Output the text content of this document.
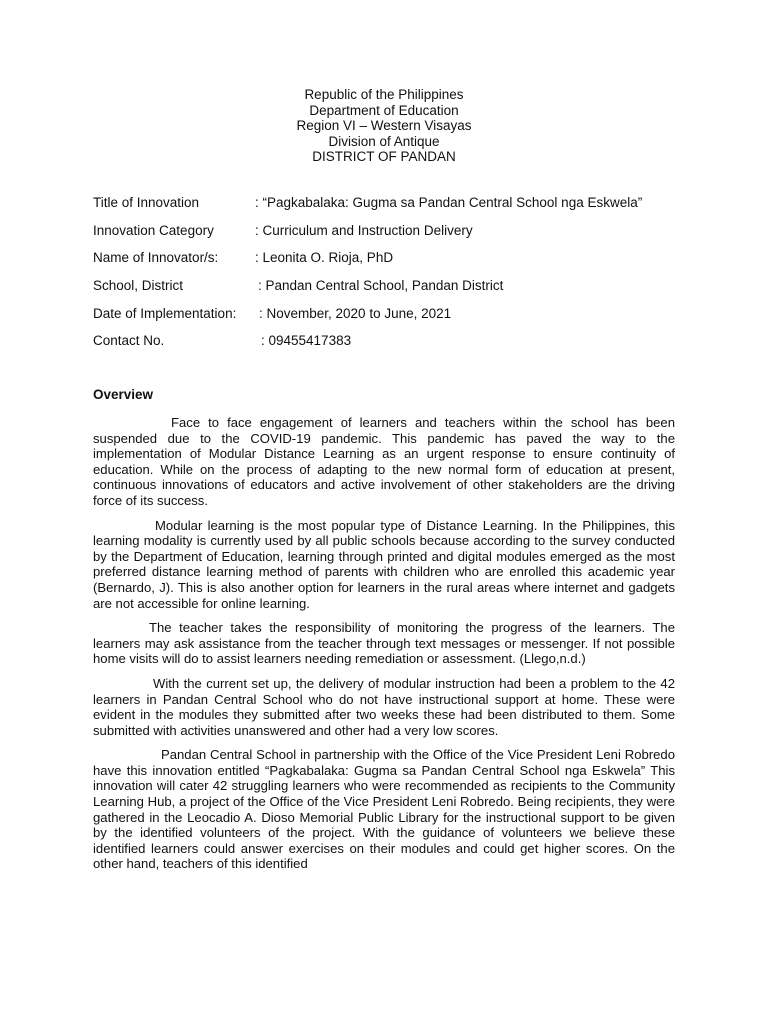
Republic of the Philippines
Department of Education
Region VI – Western Visayas
Division of Antique
DISTRICT OF PANDAN
Title of Innovation	: “Pagkabalaka: Gugma sa Pandan Central School nga Eskwela”
Innovation Category	: Curriculum and Instruction Delivery
Name of Innovator/s:	: Leonita O. Rioja, PhD
School, District	: Pandan Central School, Pandan District
Date of Implementation: : November, 2020 to June, 2021
Contact No.	: 09455417383
Overview

Face to face engagement of learners and teachers within the school has been suspended due to the COVID-19 pandemic. This pandemic has paved the way to the implementation of Modular Distance Learning as an urgent response to ensure continuity of education. While on the process of adapting to the new normal form of education at present, continuous innovations of educators and active involvement of other stakeholders are the driving force of its success.

Modular learning is the most popular type of Distance Learning. In the Philippines, this learning modality is currently used by all public schools because according to the survey conducted by the Department of Education, learning through printed and digital modules emerged as the most preferred distance learning method of parents with children who are enrolled this academic year (Bernardo, J). This is also another option for learners in the rural areas where internet and gadgets are not accessible for online learning.

The teacher takes the responsibility of monitoring the progress of the learners. The learners may ask assistance from the teacher through text messages or messenger. If not possible home visits will do to assist learners needing remediation or assessment. (Llego,n.d.)

With the current set up, the delivery of modular instruction had been a problem to the 42 learners in Pandan Central School who do not have instructional support at home. These were evident in the modules they submitted after two weeks these had been distributed to them. Some submitted with activities unanswered and other had a very low scores.

Pandan Central School in partnership with the Office of the Vice President Leni Robredo have this innovation entitled “Pagkabalaka: Gugma sa Pandan Central School nga Eskwela” This innovation will cater 42 struggling learners who were recommended as recipients to the Community Learning Hub, a project of the Office of the Vice President Leni Robredo. Being recipients, they were gathered in the Leocadio A. Dioso Memorial Public Library for the instructional support to be given by the identified volunteers of the project. With the guidance of volunteers we believe these identified learners could answer exercises on their modules and could get higher scores. On the other hand, teachers of this identified
